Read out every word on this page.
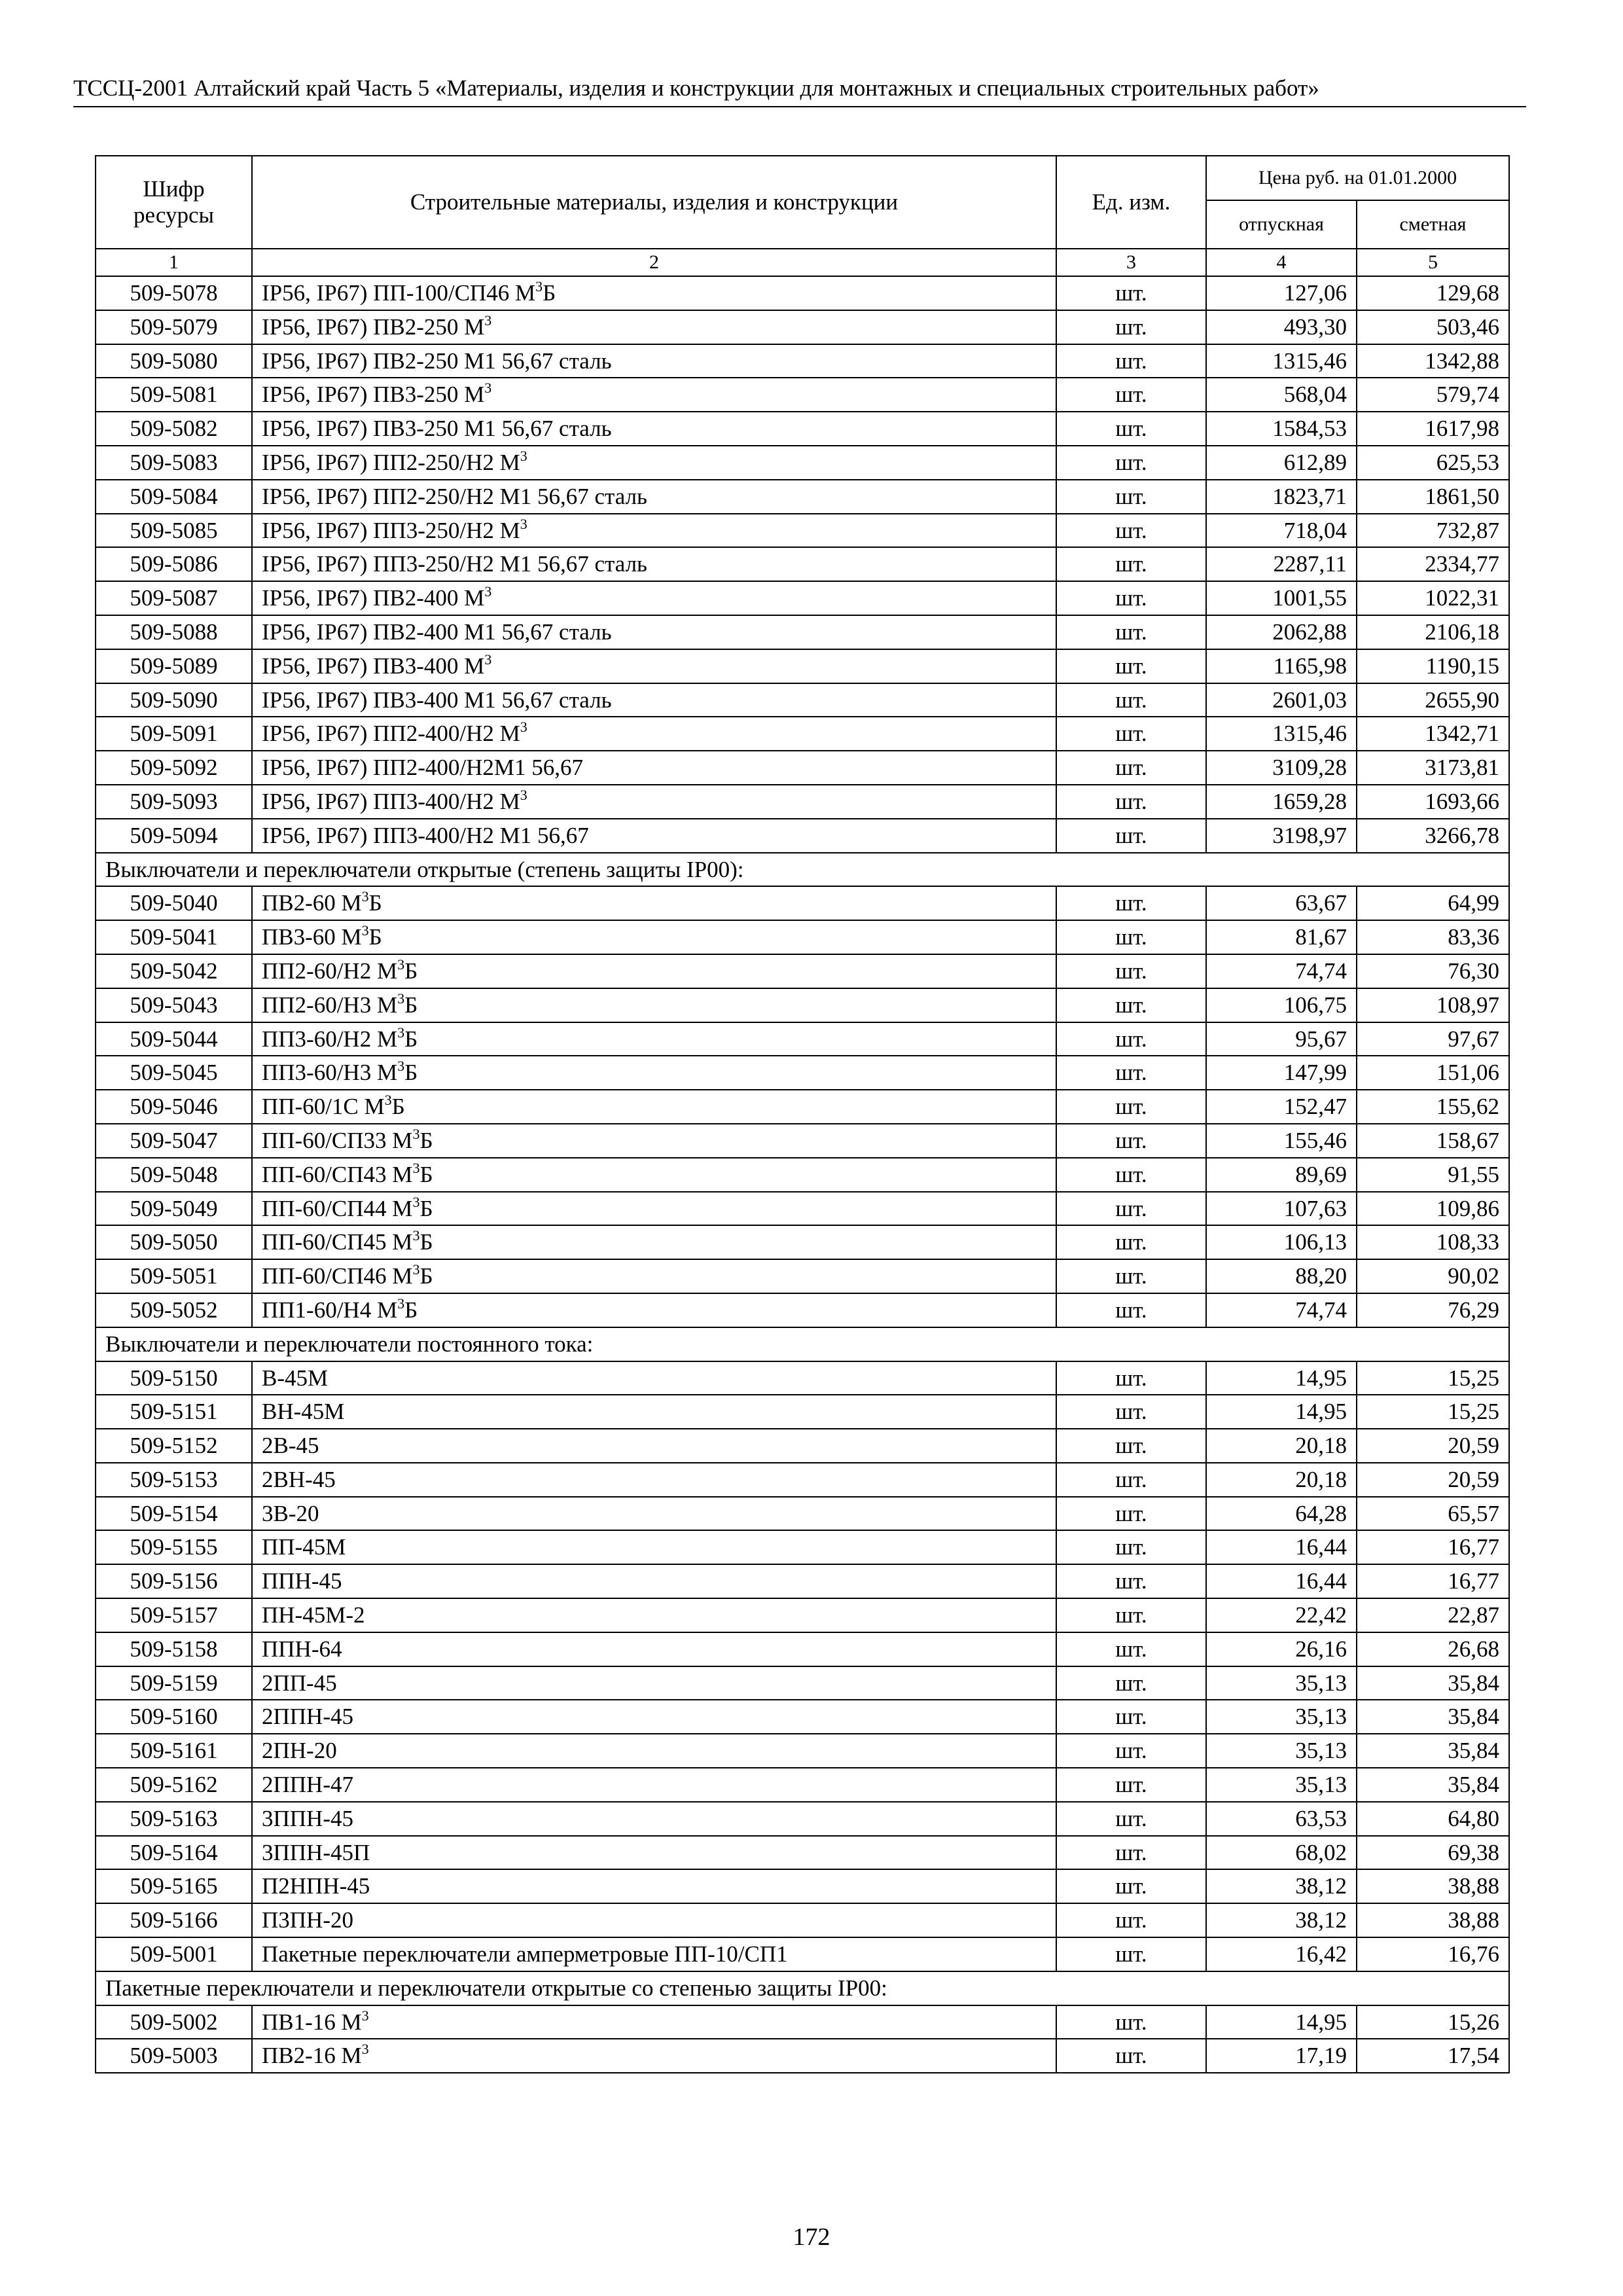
ТССЦ-2001 Алтайский край Часть 5 «Материалы, изделия и конструкции для монтажных и специальных строительных работ»
Шифр ресурсы	Строительные материалы, изделия и конструкции	Ед. изм.	Цена руб. на 01.01.2000	
			отпускная	сметная
1	2	3	4	5
509-5078	IP56, IP67) ПП-100/СП46 $М^3Б$	шт.	127,06	129,68
509-5079	IP56, IP67) ПВ2-250 $М^3$	шт.	493,30	503,46
509-5080	IP56, IP67) ПВ2-250 М1 56,67 сталь	шт.	1315,46	1342,88
509-5081	IP56, IP67) ПВ3-250 $М^3$	шт.	568,04	579,74
509-5082	IP56, IP67) ПВ3-250 М1 56,67 сталь	шт.	1584,53	1617,98
509-5083	IP56, IP67) ПП2-250/Н2 $М^3$	шт.	612,89	625,53
509-5084	IP56, IP67) ПП2-250/Н2 М1 56,67 сталь	шт.	1823,71	1861,50
509-5085	IP56, IP67) ПП3-250/Н2 $М^3$	шт.	718,04	732,87
509-5086	IP56, IP67) ПП3-250/Н2 М1 56,67 сталь	шт.	2287,11	2334,77
509-5087	IP56, IP67) ПВ2-400 $М^3$	шт.	1001,55	1022,31
509-5088	IP56, IP67) ПВ2-400 М1 56,67 сталь	шт.	2062,88	2106,18
509-5089	IP56, IP67) ПВ3-400 $М^3$	шт.	1165,98	1190,15
509-5090	IP56, IP67) ПВ3-400 М1 56,67 сталь	шт.	2601,03	2655,90
509-5091	IP56, IP67) ПП2-400/Н2 $М^3$	шт.	1315,46	1342,71
509-5092	IP56, IP67) ПП2-400/Н2М1 56,67	шт.	3109,28	3173,81
509-5093	IP56, IP67) ПП3-400/Н2 $М^3$	шт.	1659,28	1693,66
509-5094	IP56, IP67) ПП3-400/Н2 М1 56,67	шт.	3198,97	3266,78
Выключатели и переключатели открытые (степень защиты IP00):				
509-5040	ПВ2-60 $М^3Б$	шт.	63,67	64,99
509-5041	ПВ3-60 $М^3Б$	шт.	81,67	83,36
509-5042	ПП2-60/Н2 $М^3Б$	шт.	74,74	76,30
509-5043	ПП2-60/Н3 $М^3Б$	шт.	106,75	108,97
509-5044	ПП3-60/Н2 $М^3Б$	шт.	95,67	97,67
509-5045	ПП3-60/Н3 $М^3Б$	шт.	147,99	151,06
509-5046	ПП-60/1С $М^3Б$	шт.	152,47	155,62
509-5047	ПП-60/СП33 $М^3Б$	шт.	155,46	158,67
509-5048	ПП-60/СП43 $М^3Б$	шт.	89,69	91,55
509-5049	ПП-60/СП44 $М^3Б$	шт.	107,63	109,86
509-5050	ПП-60/СП45 $М^3Б$	шт.	106,13	108,33
509-5051	ПП-60/СП46 $М^3Б$	шт.	88,20	90,02
509-5052	ПП1-60/Н4 $М^3Б$	шт.	74,74	76,29
Выключатели и переключатели постоянного тока:				
509-5150	В-45М	шт.	14,95	15,25
509-5151	ВН-45М	шт.	14,95	15,25
509-5152	2В-45	шт.	20,18	20,59
509-5153	2ВН-45	шт.	20,18	20,59
509-5154	3В-20	шт.	64,28	65,57
509-5155	ПП-45М	шт.	16,44	16,77
509-5156	ППН-45	шт.	16,44	16,77
509-5157	ПН-45М-2	шт.	22,42	22,87
509-5158	ППН-64	шт.	26,16	26,68
509-5159	2ПП-45	шт.	35,13	35,84
509-5160	2ППН-45	шт.	35,13	35,84
509-5161	2ПН-20	шт.	35,13	35,84
509-5162	2ППН-47	шт.	35,13	35,84
509-5163	3ППН-45	шт.	63,53	64,80
509-5164	3ППН-45П	шт.	68,02	69,38
509-5165	П2НПН-45	шт.	38,12	38,88
509-5166	П3ПН-20	шт.	38,12	38,88
509-5001	Пакетные переключатели амперметровые ПП-10/СП1	шт.	16,42	16,76
Пакетные переключатели и переключатели открытые со степенью защиты IP00:				
509-5002	ПВ1-16 $М^3$	шт.	14,95	15,26
509-5003	ПВ2-16 $М^3$	шт.	17,19	17,54
172
